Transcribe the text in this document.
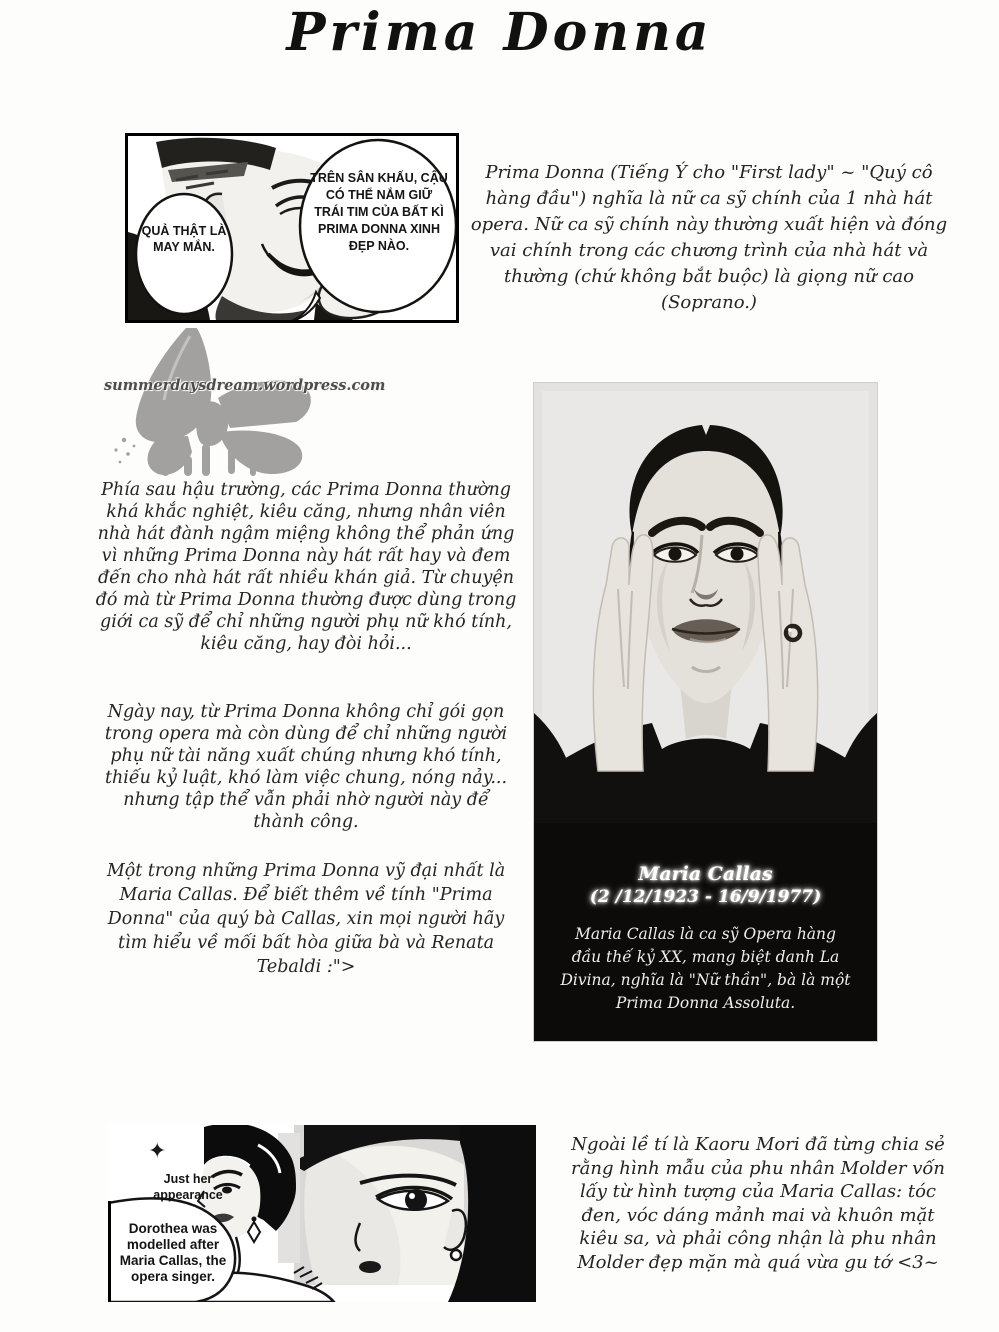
Prima Donna
QUẢ THẬT LÀ MAY MẮN.
TRÊN SÂN KHẤU, CẬU CÓ THỂ NẮM GIỮ TRÁI TIM CỦA BẤT KÌ PRIMA DONNA XINH ĐẸP NÀO.
Prima Donna (Tiếng Ý cho "First lady" ~ "Quý cô hàng đầu") nghĩa là nữ ca sỹ chính của 1 nhà hát opera. Nữ ca sỹ chính này thường xuất hiện và đóng vai chính trong các chương trình của nhà hát và thường (chứ không bắt buộc) là giọng nữ cao (Soprano.)
summerdaysdream.wordpress.com
Phía sau hậu trường, các Prima Donna thường khá khắc nghiệt, kiêu căng, nhưng nhân viên nhà hát đành ngậm miệng không thể phản ứng vì những Prima Donna này hát rất hay và đem đến cho nhà hát rất nhiều khán giả. Từ chuyện đó mà từ Prima Donna thường được dùng trong giới ca sỹ để chỉ những người phụ nữ khó tính, kiêu căng, hay đòi hỏi...
Ngày nay, từ Prima Donna không chỉ gói gọn trong opera mà còn dùng để chỉ những người phụ nữ tài năng xuất chúng nhưng khó tính, thiếu kỷ luật, khó làm việc chung, nóng nảy... nhưng tập thể vẫn phải nhờ người này để thành công.
Một trong những Prima Donna vỹ đại nhất là Maria Callas. Để biết thêm về tính "Prima Donna" của quý bà Callas, xin mọi người hãy tìm hiểu về mối bất hòa giữa bà và Renata Tebaldi :">
Maria Callas
(2 /12/1923 - 16/9/1977)
Maria Callas là ca sỹ Opera hàng đầu thế kỷ XX, mang biệt danh La Divina, nghĩa là "Nữ thần", bà là một Prima Donna Assoluta.
✦
Just her appearance
Dorothea was modelled after Maria Callas, the opera singer.
Ngoài lề tí là Kaoru Mori đã từng chia sẻ rằng hình mẫu của phu nhân Molder vốn lấy từ hình tượng của Maria Callas: tóc đen, vóc dáng mảnh mai và khuôn mặt kiêu sa, và phải công nhận là phu nhân Molder đẹp mặn mà quá vừa gu tớ <3~
